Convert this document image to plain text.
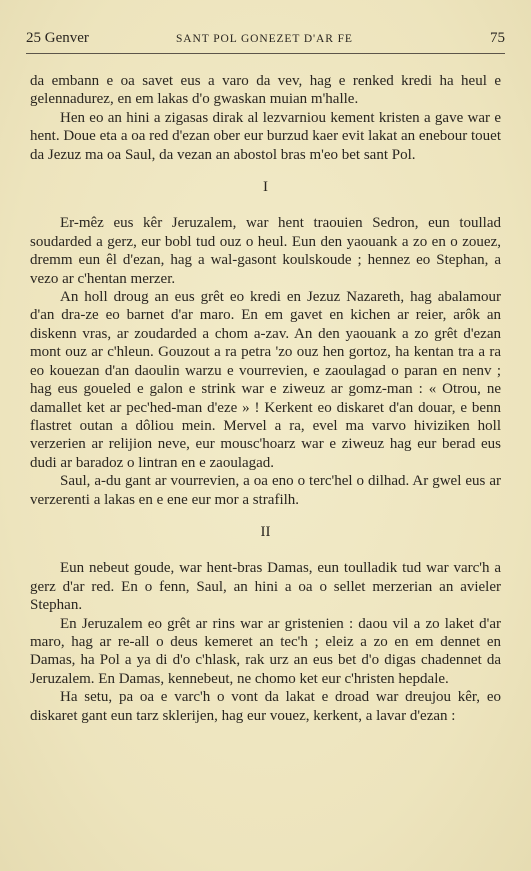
25 Genver	SANT POL GONEZET D'AR FE	75

da embann e oa savet eus a varo da vev, hag e renked kredi ha heul e gelennadurez, en em lakas d'o gwaskan muian m'halle.

Hen eo an hini a zigasas dirak al lezvarniou kement kristen a gave war e hent. Doue eta a oa red d'ezan ober eur burzud kaer evit lakat an enebour touet da Jezuz ma oa Saul, da vezan an abostol bras m'eo bet sant Pol.

I

Er-mêz eus kêr Jeruzalem, war hent traouien Sedron, eun toullad soudarded a gerz, eur bobl tud ouz o heul. Eun den yaouank a zo en o zouez, dremm eun êl d'ezan, hag a wal-gasont koulskoude ; hennez eo Stephan, a vezo ar c'hentan merzer.

An holl droug an eus grêt eo kredi en Jezuz Nazareth, hag abalamour d'an dra-ze eo barnet d'ar maro. En em gavet en kichen ar reier, arôk an diskenn vras, ar zoudarded a chom a-zav. An den yaouank a zo grêt d'ezan mont ouz ar c'hleun. Gouzout a ra petra 'zo ouz hen gortoz, ha kentan tra a ra eo kouezan d'an daoulin warzu e vourrevien, e zaoulagad o paran en nenv ; hag eus goueled e galon e strink war e ziweuz ar gomz-man : « Otrou, ne damallet ket ar pec'hed-man d'eze » ! Kerkent eo diskaret d'an douar, e benn flastret outan a dôliou mein. Mervel a ra, evel ma varvo hiviziken holl verzerien ar relijion neve, eur mousc'hoarz war e ziweuz hag eur berad eus dudi ar baradoz o lintran en e zaoulagad.

Saul, a-du gant ar vourrevien, a oa eno o terc'hel o dilhad. Ar gwel eus ar verzerenti a lakas en e ene eur mor a strafilh.

II

Eun nebeut goude, war hent-bras Damas, eun toulladik tud war varc'h a gerz d'ar red. En o fenn, Saul, an hini a oa o sellet merzerian an avieler Stephan.

En Jeruzalem eo grêt ar rins war ar gristenien : daou vil a zo laket d'ar maro, hag ar re-all o deus kemeret an tec'h ; eleiz a zo en em dennet en Damas, ha Pol a ya di d'o c'hlask, rak urz an eus bet d'o digas chadennet da Jeruzalem. En Damas, kennebeut, ne chomo ket eur c'hristen hepdale.

Ha setu, pa oa e varc'h o vont da lakat e droad war dreujou kêr, eo diskaret gant eun tarz sklerijen, hag eur vouez, kerkent, a lavar d'ezan :
